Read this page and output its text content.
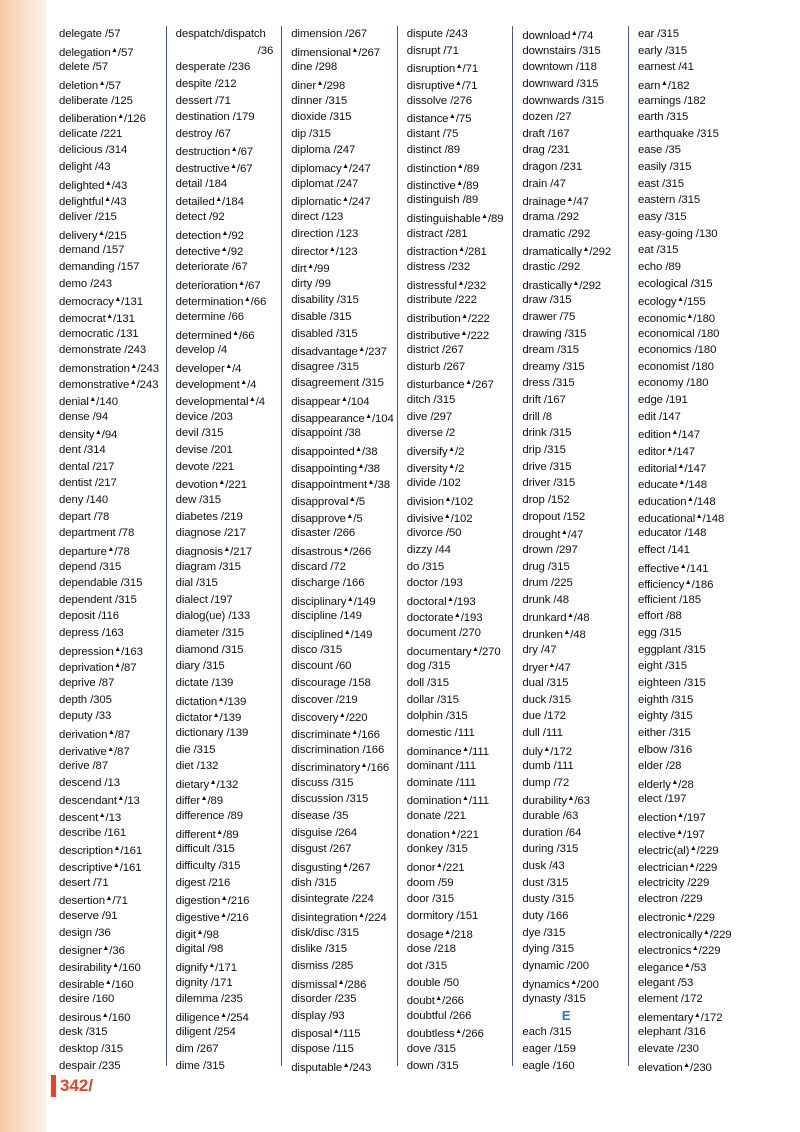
delegate /57
delegation▲/57
delete /57
deletion▲/57
deliberate /125
deliberation▲/126
delicate /221
delicious /314
delight /43
delighted▲/43
delightful▲/43
deliver /215
delivery▲/215
demand /157
demanding /157
demo /243
democracy▲/131
democrat▲/131
democratic /131
demonstrate /243
demonstration▲/243
demonstrative▲/243
denial▲/140
dense /94
density▲/94
dent /314
dental /217
dentist /217
deny /140
depart /78
department /78
departure▲/78
depend /315
dependable /315
dependent /315
deposit /116
depress /163
depression▲/163
deprivation▲/87
deprive /87
depth /305
deputy /33
derivation▲/87
derivative▲/87
derive /87
descend /13
descendant▲/13
descent▲/13
describe /161
description▲/161
descriptive▲/161
desert /71
desertion▲/71
deserve /91
design /36
designer▲/36
desirability▲/160
desirable▲/160
desire /160
desirous▲/160
desk /315
desktop /315
despair /235
despatch/dispatch
/36
desperate /236
despite /212
dessert /71
destination /179
destroy /67
destruction▲/67
destructive▲/67
detail /184
detailed▲/184
detect /92
detection▲/92
detective▲/92
deteriorate /67
deterioration▲/67
determination▲/66
determine /66
determined▲/66
develop /4
developer▲/4
development▲/4
developmental▲/4
device /203
devil /315
devise /201
devote /221
devotion▲/221
dew /315
diabetes /219
diagnose /217
diagnosis▲/217
diagram /315
dial /315
dialect /197
dialog(ue) /133
diameter /315
diamond /315
diary /315
dictate /139
dictation▲/139
dictator▲/139
dictionary /139
die /315
diet /132
dietary▲/132
differ▲/89
difference /89
different▲/89
difficult /315
difficulty /315
digest /216
digestion▲/216
digestive▲/216
digit▲/98
digital /98
dignify▲/171
dignity /171
dilemma /235
diligence▲/254
diligent /254
dim /267
dime /315
dimension /267
dimensional▲/267
dine /298
diner▲/298
dinner /315
dioxide /315
dip /315
diploma /247
diplomacy▲/247
diplomat /247
diplomatic▲/247
direct /123
direction /123
director▲/123
dirt▲/99
dirty /99
disability /315
disable /315
disabled /315
disadvantage▲/237
disagree /315
disagreement /315
disappear▲/104
disappearance▲/104
disappoint /38
disappointed▲/38
disappointing▲/38
disappointment▲/38
disapproval▲/5
disapprove▲/5
disaster /266
disastrous▲/266
discard /72
discharge /166
disciplinary▲/149
discipline /149
disciplined▲/149
disco /315
discount /60
discourage /158
discover /219
discovery▲/220
discriminate▲/166
discrimination /166
discriminatory▲/166
discuss /315
discussion /315
disease /35
disguise /264
disgust /267
disgusting▲/267
dish /315
disintegrate /224
disintegration▲/224
disk/disc /315
dislike /315
dismiss /285
dismissal▲/286
disorder /235
display /93
disposal▲/115
dispose /115
disputable▲/243
dispute /243
disrupt /71
disruption▲/71
disruptive▲/71
dissolve /276
distance▲/75
distant /75
distinct /89
distinction▲/89
distinctive▲/89
distinguish /89
distinguishable▲/89
distract /281
distraction▲/281
distress /232
distressful▲/232
distribute /222
distribution▲/222
distributive▲/222
district /267
disturb /267
disturbance▲/267
ditch /315
dive /297
diverse /2
diversify▲/2
diversity▲/2
divide /102
division▲/102
divisive▲/102
divorce /50
dizzy /44
do /315
doctor /193
doctoral▲/193
doctorate▲/193
document /270
documentary▲/270
dog /315
doll /315
dollar /315
dolphin /315
domestic /111
dominance▲/111
dominant /111
dominate /111
domination▲/111
donate /221
donation▲/221
donkey /315
donor▲/221
doom /59
door /315
dormitory /151
dosage▲/218
dose /218
dot /315
double /50
doubt▲/266
doubtful /266
doubtless▲/266
dove /315
down /315
download▲/74
downstairs /315
downtown /118
downward /315
downwards /315
dozen /27
draft /167
drag /231
dragon /231
drain /47
drainage▲/47
drama /292
dramatic /292
dramatically▲/292
drastic /292
drastically▲/292
draw /315
drawer /75
drawing /315
dream /315
dreamy /315
dress /315
drift /167
drill /8
drink /315
drip /315
drive /315
driver /315
drop /152
dropout /152
drought▲/47
drown /297
drug /315
drum /225
drunk /48
drunkard▲/48
drunken▲/48
dry /47
dryer▲/47
dual /315
duck /315
due /172
dull /111
duly▲/172
dumb /111
dump /72
durability▲/63
durable /63
duration /64
during /315
dusk /43
dust /315
dusty /315
duty /166
dye /315
dying /315
dynamic /200
dynamics▲/200
dynasty /315
E
each /315
eager /159
eagle /160
ear /315
early /315
earnest /41
earn▲/182
earnings /182
earth /315
earthquake /315
ease /35
easily /315
east /315
eastern /315
easy /315
easy-going /130
eat /315
echo /89
ecological /315
ecology▲/155
economic▲/180
economical /180
economics /180
economist /180
economy /180
edge /191
edit /147
edition▲/147
editor▲/147
editorial▲/147
educate▲/148
education▲/148
educational▲/148
educator /148
effect /141
effective▲/141
efficiency▲/186
efficient /185
effort /88
egg /315
eggplant /315
eight /315
eighteen /315
eighth /315
eighty /315
either /315
elbow /316
elder /28
elderly▲/28
elect /197
election▲/197
elective▲/197
electric(al)▲/229
electrician▲/229
electricity /229
electron /229
electronic▲/229
electronically▲/229
electronics▲/229
elegance▲/53
elegant /53
element /172
elementary▲/172
elephant /316
elevate /230
elevation▲/230
342/
